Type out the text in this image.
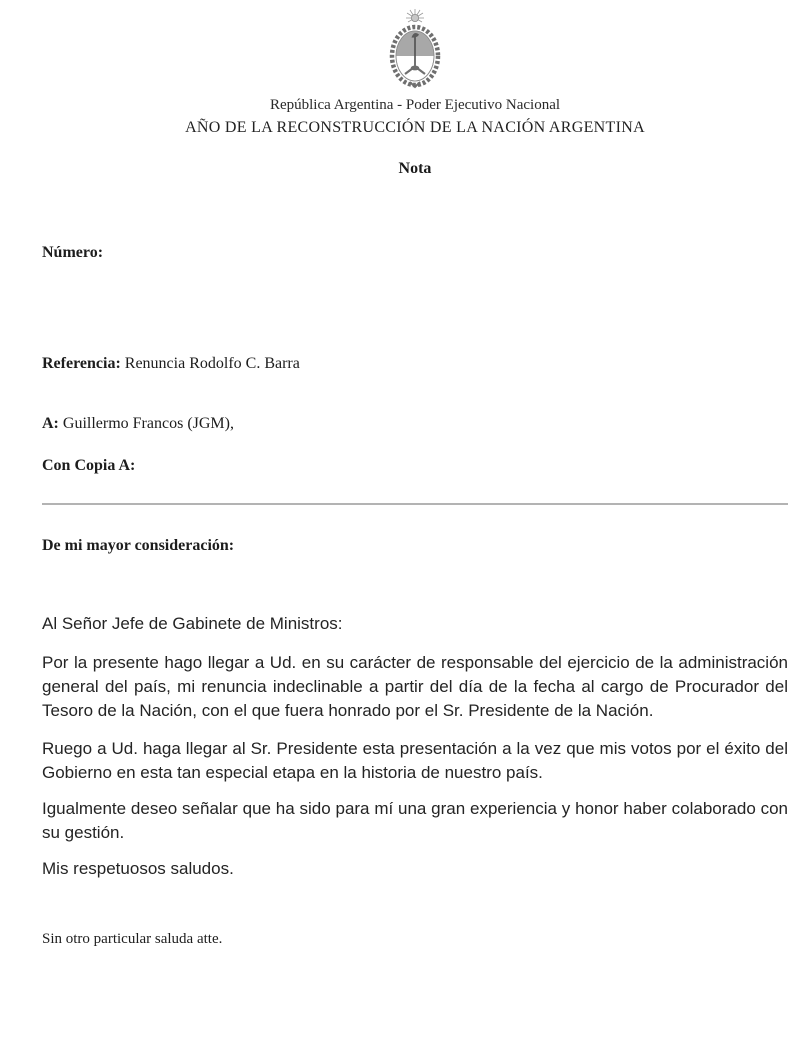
República Argentina - Poder Ejecutivo Nacional
AÑO DE LA RECONSTRUCCIÓN DE LA NACIÓN ARGENTINA
Nota
Número:
Referencia: Renuncia Rodolfo C. Barra
A: Guillermo Francos (JGM),
Con Copia A:
De mi mayor consideración:
Al Señor Jefe de Gabinete de Ministros:

Por la presente hago llegar a Ud. en su carácter de responsable del ejercicio de la administración general del país, mi renuncia indeclinable a partir del día de la fecha al cargo de Procurador del Tesoro de la Nación, con el que fuera honrado por el Sr. Presidente de la Nación.

Ruego a Ud. haga llegar al Sr. Presidente esta presentación a la vez que mis votos por el éxito del Gobierno en esta tan especial etapa en la historia de nuestro país.

Igualmente deseo señalar que ha sido para mí una gran experiencia y honor haber colaborado con su gestión.

Mis respetuosos saludos.

Sin otro particular saluda atte.
